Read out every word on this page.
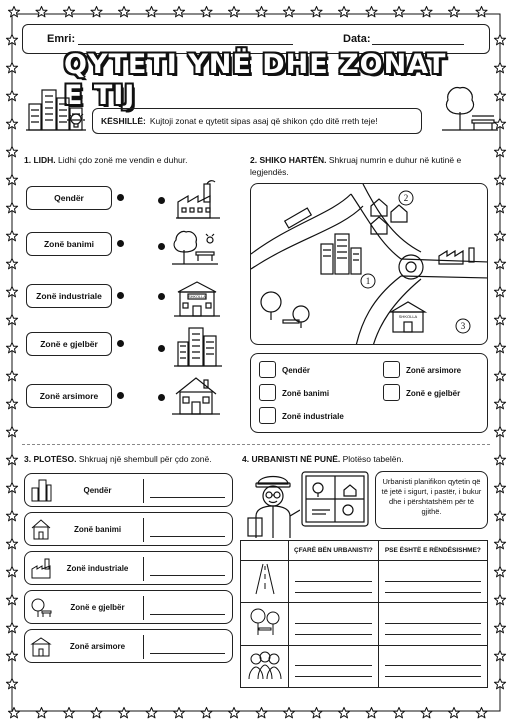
Emri:	Data:
QYTETI YNË DHE ZONAT E TIJ
KËSHILLË: Kujtoji zonat e qytetit sipas asaj që shikon çdo ditë rreth teje!
1. LIDH. Lidhi çdo zonë me vendin e duhur.
Qendër
Zonë banimi
Zonë industriale
Zonë e gjelbër
Zonë arsimore
SHKOLLA
2. SHIKO HARTËN. Shkruaj numrin e duhur në kutinë e legjendës.
2
1
3
SHKOLLA
Qendër	Zonë arsimore
Zonë banimi	Zonë e gjelbër
Zonë industriale
3. PLOTËSO. Shkruaj një shembull për çdo zonë.
Qendër
Zonë banimi
Zonë industriale
Zonë e gjelbër
Zonë arsimore
4. URBANISTI NË PUNË. Plotëso tabelën.
Urbanisti planifikon qytetin që të jetë i sigurt, i pastër, i bukur dhe i përshtatshëm për të gjithë.
	ÇFARË BËN URBANISTI?	PSE ËSHTË E RËNDËSISHME?
